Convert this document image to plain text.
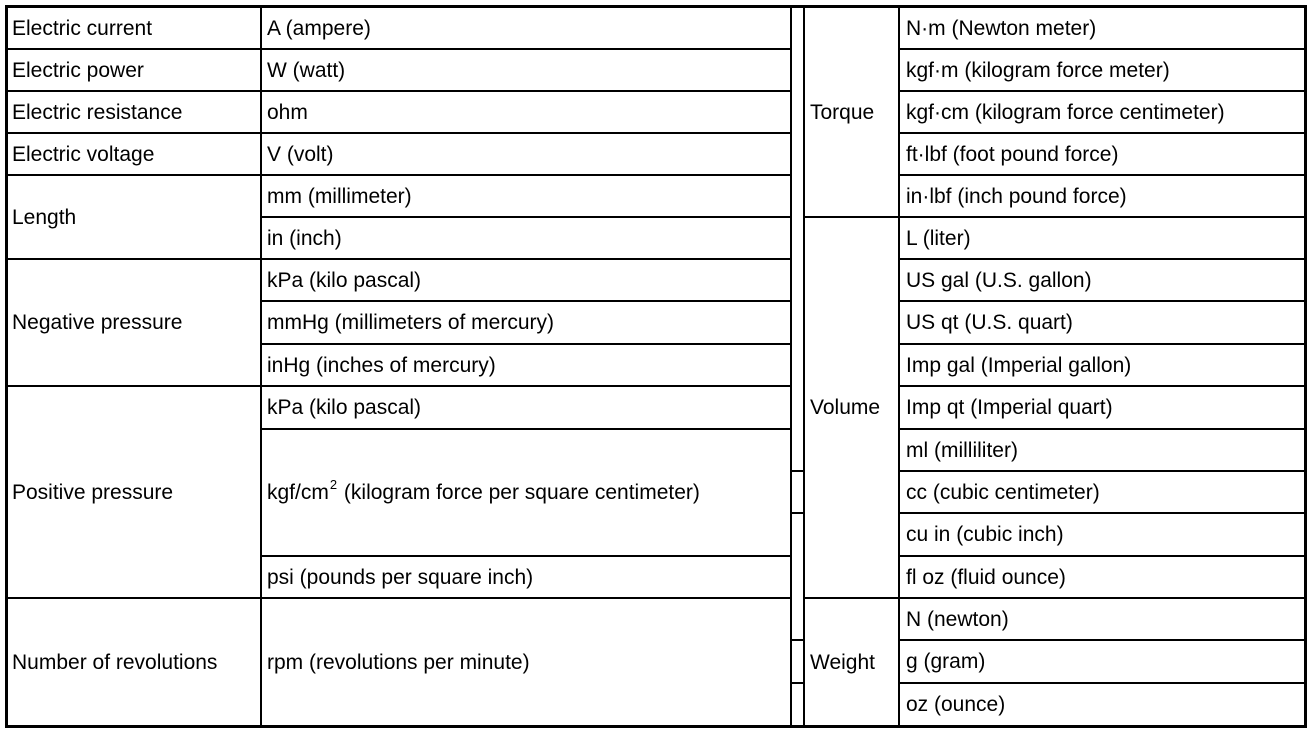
Electric current
Electric power
Electric resistance
Electric voltage
Length
Negative pressure
Positive pressure
Number of revolutions
A (ampere)
W (watt)
ohm
V (volt)
mm (millimeter)
in (inch)
kPa (kilo pascal)
mmHg (millimeters of mercury)
inHg (inches of mercury)
kPa (kilo pascal)
kgf/$cm^2$ (kilogram force per square centimeter)
psi (pounds per square inch)
rpm (revolutions per minute)
Torque
Volume
Weight
N·m (Newton meter)
kgf·m (kilogram force meter)
kgf·cm (kilogram force centimeter)
ft·lbf (foot pound force)
in·lbf (inch pound force)
L (liter)
US gal (U.S. gallon)
US qt (U.S. quart)
Imp gal (Imperial gallon)
Imp qt (Imperial quart)
ml (milliliter)
cc (cubic centimeter)
cu in (cubic inch)
fl oz (fluid ounce)
N (newton)
g (gram)
oz (ounce)
